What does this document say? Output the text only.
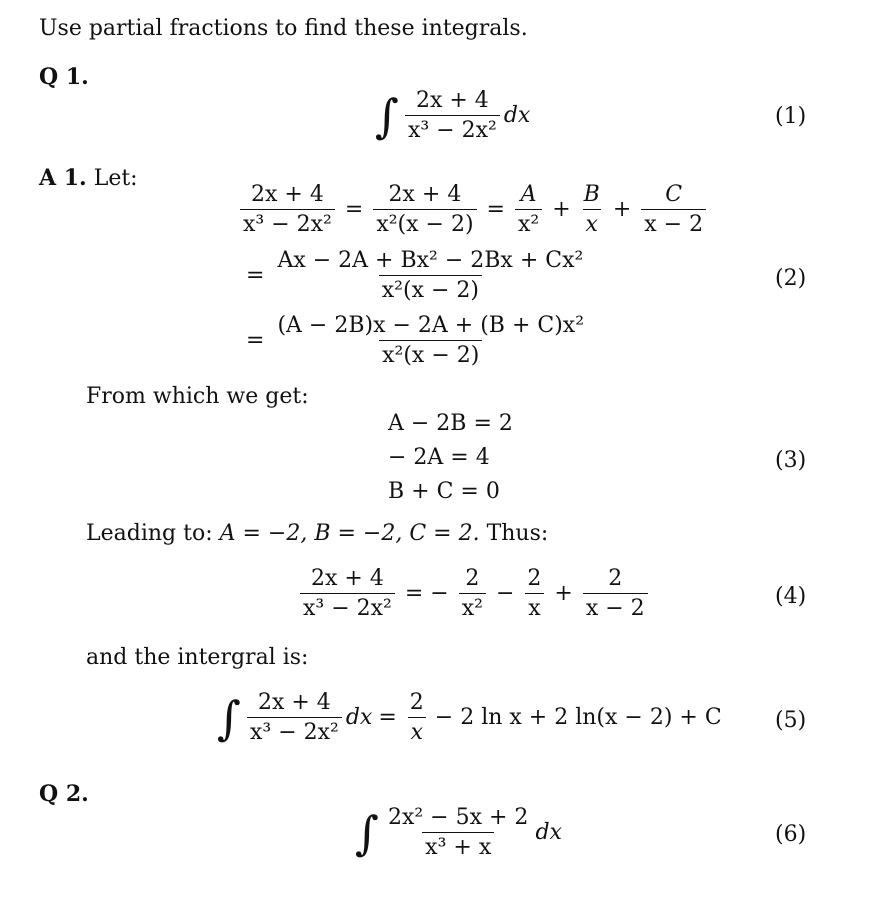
Use partial fractions to find these integrals.
Q 1.
∫ $\frac{2x + 4}{\text{x³ − 2x²}}$ dx	(1)
A 1. Let:
$\frac{2x + 4}{\text{x³ − 2x²}} = \frac{2x + 4}{\text{x²(x − 2)}} = \frac{A}{\text{x²}} + \frac{B}{x} + \frac{C}{x - 2}$
= $\frac{\text{Ax − 2A + Bx² − 2Bx + Cx²}}{\text{x²(x − 2)}}$	(2)
= $\frac{\text{(A − 2B)x − 2A + (B + C)x²}}{\text{x²(x − 2)}}$
From which we get:
A − 2B = 2
− 2A = 4
B + C = 0
(3)
Leading to: A = −2, B = −2, C = 2. Thus:
$\frac{2x + 4}{\text{x³ − 2x²}}$ = − $\frac{2}{\text{x²}} - \frac{2}{x} + \frac{2}{x - 2}$	(4)
and the intergral is:
∫ $\frac{2x + 4}{\text{x³ − 2x²}}$ dx = $\frac{2}{x} - 2$ ln x + 2 ln(x − 2) + C (5)
Q 2.
∫ $\frac{\text{2x² − 5x + 2}}{\text{x³ + x}}$ dx	(6)
